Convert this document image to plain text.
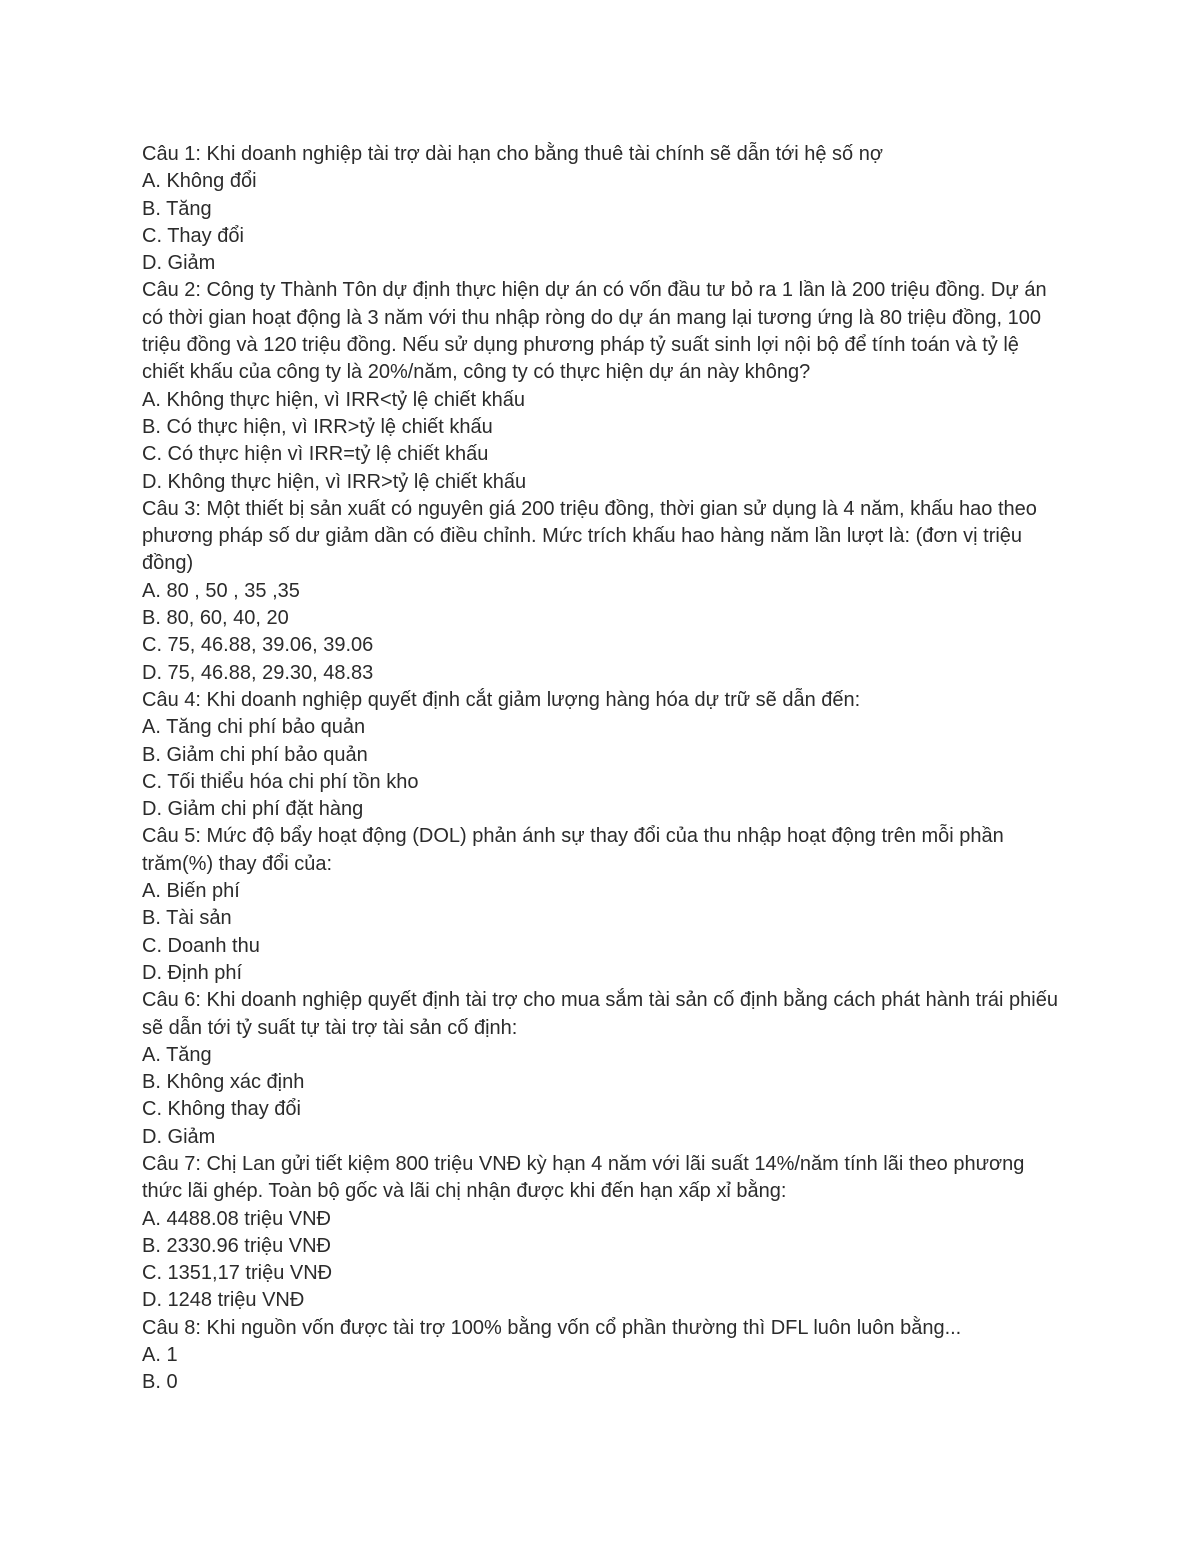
Câu 1: Khi doanh nghiệp tài trợ dài hạn cho bằng thuê tài chính sẽ dẫn tới hệ số nợ

A. Không đổi

B. Tăng

C. Thay đổi

D. Giảm

Câu 2: Công ty Thành Tôn dự định thực hiện dự án có vốn đầu tư bỏ ra 1 lần là 200 triệu đồng. Dự án có thời gian hoạt động là 3 năm với thu nhập ròng do dự án mang lại tương ứng là 80 triệu đồng, 100 triệu đồng và 120 triệu đồng. Nếu sử dụng phương pháp tỷ suất sinh lợi nội bộ để tính toán và tỷ lệ chiết khấu của công ty là 20%/năm, công ty có thực hiện dự án này không?

A. Không thực hiện, vì IRR<tỷ lệ chiết khấu

B. Có thực hiện, vì IRR>tỷ lệ chiết khấu

C. Có thực hiện vì IRR=tỷ lệ chiết khấu

D. Không thực hiện, vì IRR>tỷ lệ chiết khấu

Câu 3: Một thiết bị sản xuất có nguyên giá 200 triệu đồng, thời gian sử dụng là 4 năm, khấu hao theo phương pháp số dư giảm dần có điều chỉnh. Mức trích khấu hao hàng năm lần lượt là: (đơn vị triệu đồng)

A. 80 , 50 , 35 ,35

B. 80, 60, 40, 20

C. 75, 46.88, 39.06, 39.06

D. 75, 46.88, 29.30, 48.83

Câu 4: Khi doanh nghiệp quyết định cắt giảm lượng hàng hóa dự trữ sẽ dẫn đến:

A. Tăng chi phí bảo quản

B. Giảm chi phí bảo quản

C. Tối thiểu hóa chi phí tồn kho

D. Giảm chi phí đặt hàng

Câu 5: Mức độ bẩy hoạt động (DOL) phản ánh sự thay đổi của thu nhập hoạt động trên mỗi phần trăm(%) thay đổi của:

A. Biến phí

B. Tài sản

C. Doanh thu

D. Định phí

Câu 6: Khi doanh nghiệp quyết định tài trợ cho mua sắm tài sản cố định bằng cách phát hành trái phiếu sẽ dẫn tới tỷ suất tự tài trợ tài sản cố định:

A. Tăng

B. Không xác định

C. Không thay đổi

D. Giảm

Câu 7: Chị Lan gửi tiết kiệm 800 triệu VNĐ kỳ hạn 4 năm với lãi suất 14%/năm tính lãi theo phương thức lãi ghép. Toàn bộ gốc và lãi chị nhận được khi đến hạn xấp xỉ bằng:

A. 4488.08 triệu VNĐ

B. 2330.96 triệu VNĐ

C. 1351,17 triệu VNĐ

D. 1248 triệu VNĐ

Câu 8: Khi nguồn vốn được tài trợ 100% bằng vốn cổ phần thường thì DFL luôn luôn bằng...

A. 1

B. 0
